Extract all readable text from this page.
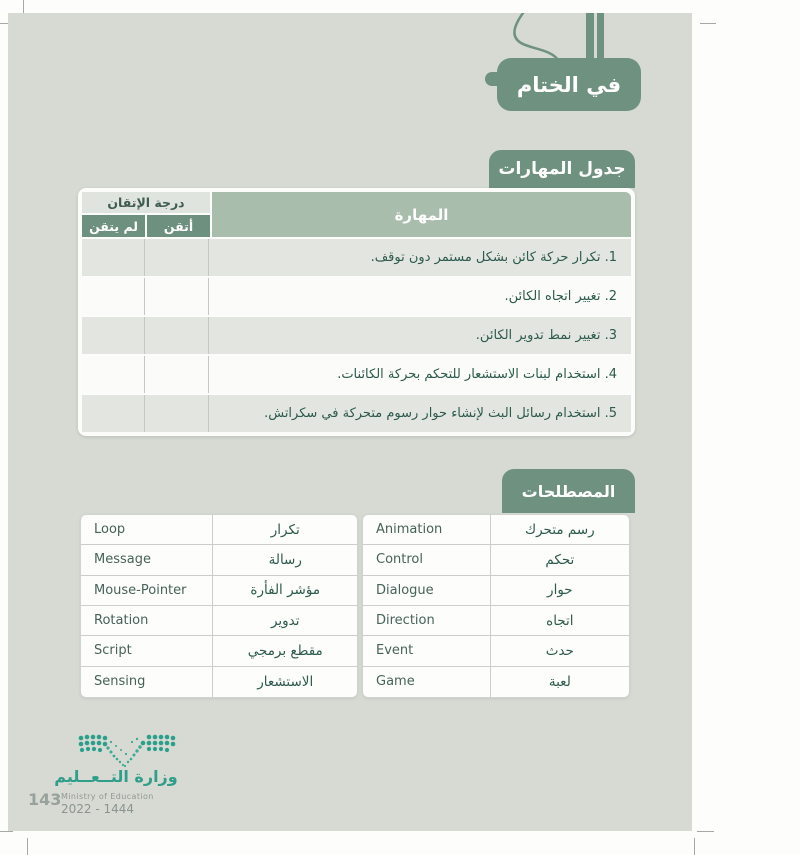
في الختام
جدول المهارات
درجة الإتقان
لم يتقن	أتقن
المهارة
1. تكرار حركة كائن بشكل مستمر دون توقف.
2. تغيير اتجاه الكائن.
3. تغيير نمط تدوير الكائن.
4. استخدام لبنات الاستشعار للتحكم بحركة الكائنات.
5. استخدام رسائل البث لإنشاء حوار رسوم متحركة في سكراتش.
المصطلحات
Loop	تكرار
Message	رسالة
Mouse-Pointer	مؤشر الفأرة
Rotation	تدوير
Script	مقطع برمجي
Sensing	الاستشعار
Animation	رسم متحرك
Control	تحكم
Dialogue	حوار
Direction	اتجاه
Event	حدث
Game	لعبة
وزارة التــعــليم
Ministry of Education
2022 - 1444
143
